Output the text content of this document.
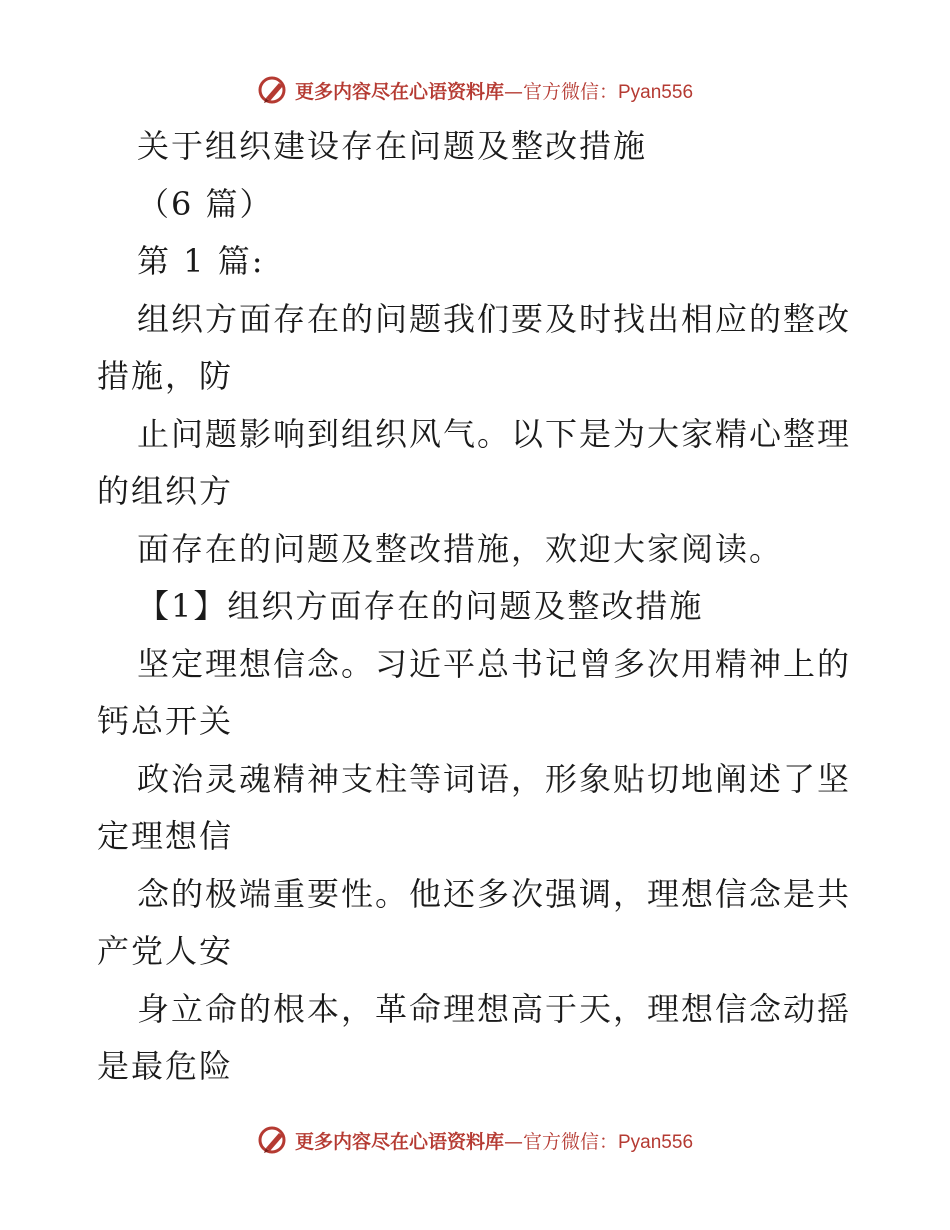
更多内容尽在心语资料库—官方微信：Pyan556
关于组织建设存在问题及整改措施
（6 篇）
第 1 篇:
组织方面存在的问题我们要及时找出相应的整改
措施，防
止问题影响到组织风气。以下是为大家精心整理
的组织方
面存在的问题及整改措施，欢迎大家阅读。
【1】组织方面存在的问题及整改措施
坚定理想信念。习近平总书记曾多次用精神上的
钙总开关
政治灵魂精神支柱等词语，形象贴切地阐述了坚
定理想信
念的极端重要性。他还多次强调，理想信念是共
产党人安
身立命的根本，革命理想高于天，理想信念动摇
是最危险
更多内容尽在心语资料库—官方微信：Pyan556
